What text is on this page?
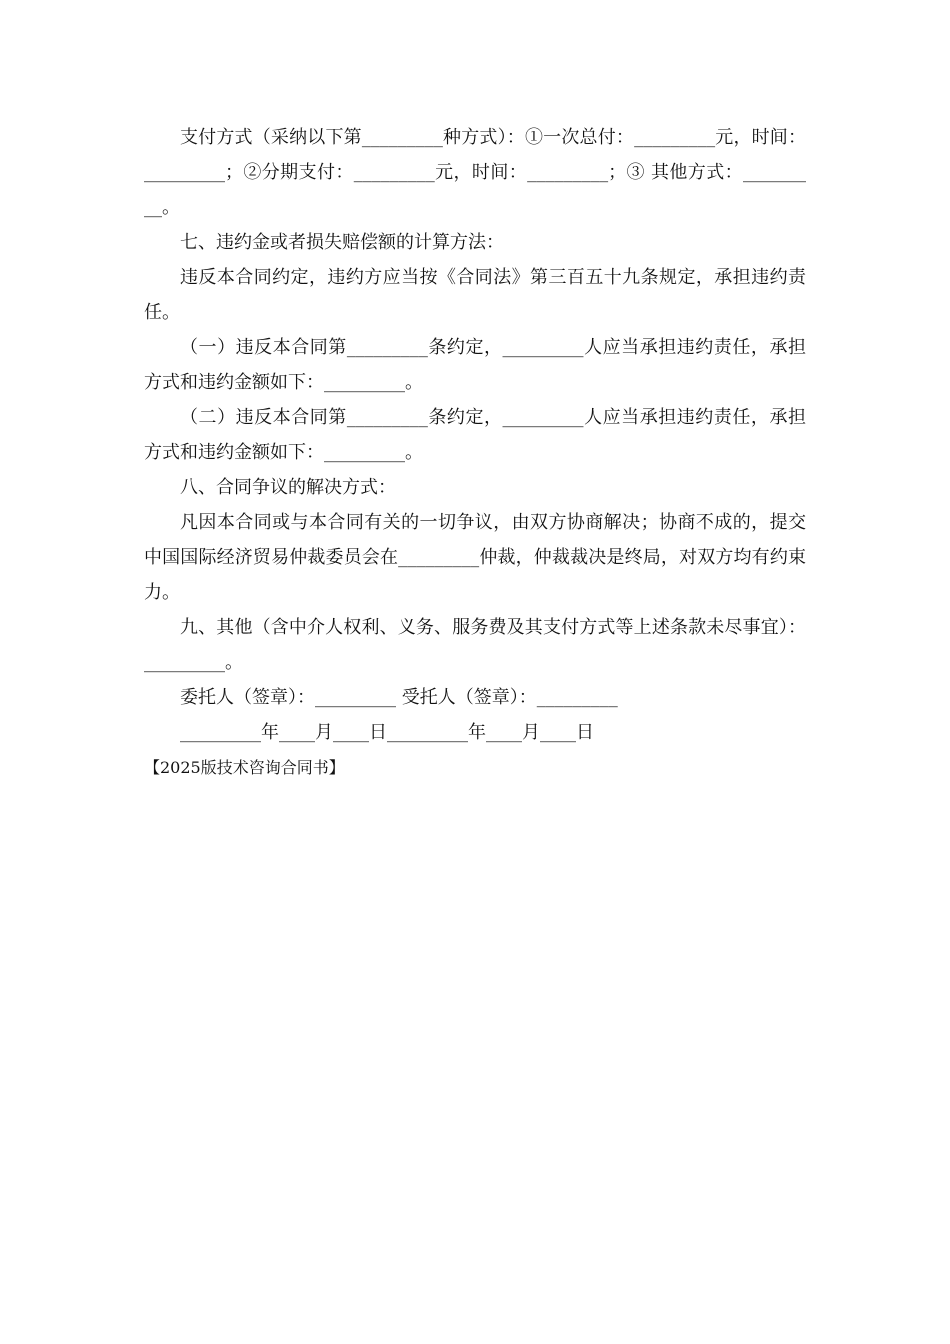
支付方式（采纳以下第_________种方式）：①一次总付：_________元，时间：_________；②分期支付：_________元，时间：_________；③ 其他方式：_________。

七、违约金或者损失赔偿额的计算方法：

违反本合同约定，违约方应当按《合同法》第三百五十九条规定，承担违约责任。

（一）违反本合同第_________条约定，_________人应当承担违约责任，承担方式和违约金额如下：_________。

（二）违反本合同第_________条约定，_________人应当承担违约责任，承担方式和违约金额如下：_________。

八、合同争议的解决方式：

凡因本合同或与本合同有关的一切争议，由双方协商解决；协商不成的，提交中国国际经济贸易仲裁委员会在_________仲裁，仲裁裁决是终局，对双方均有约束力。

九、其他（含中介人权利、义务、服务费及其支付方式等上述条款未尽事宜）：_________。

委托人（签章）：_________ 受托人（签章）：_________

_________年____月____日_________年____月____日

【2025版技术咨询合同书】
